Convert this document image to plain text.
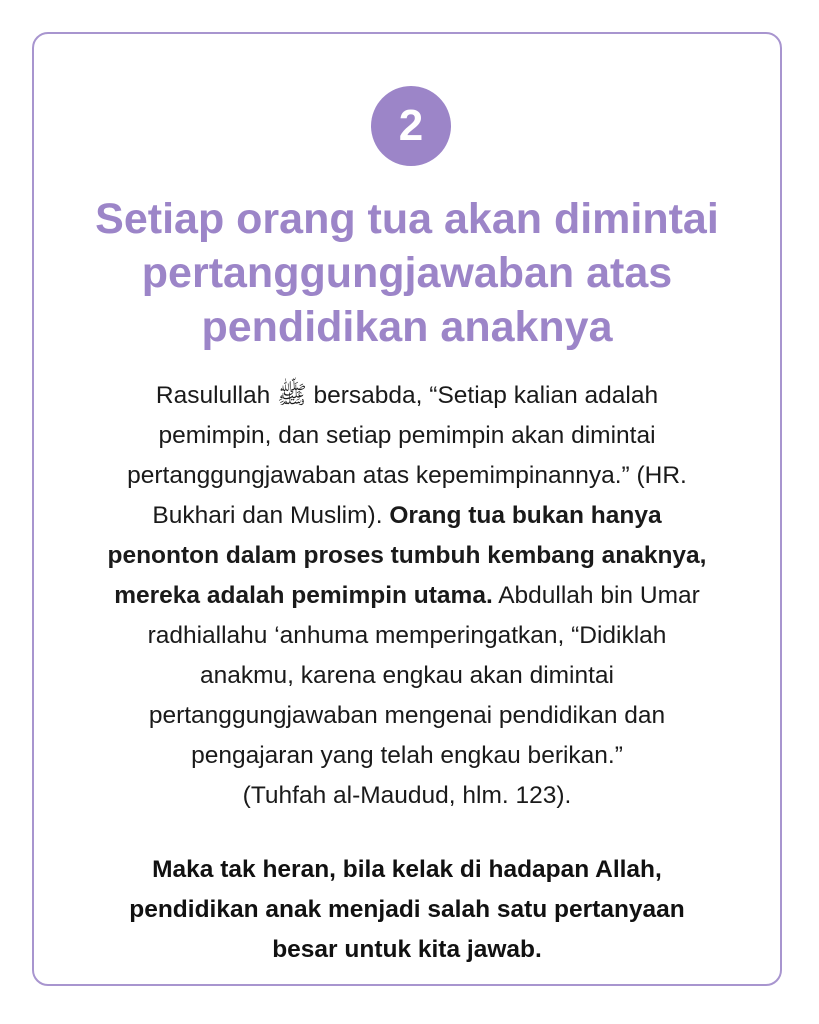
2
Setiap orang tua akan dimintai
pertanggungjawaban atas
pendidikan anaknya

Rasulullah ﷺ bersabda, “Setiap kalian adalah
pemimpin, dan setiap pemimpin akan dimintai
pertanggungjawaban atas kepemimpinannya.” (HR.
Bukhari dan Muslim). Orang tua bukan hanya
penonton dalam proses tumbuh kembang anaknya,
mereka adalah pemimpin utama. Abdullah bin Umar
radhiallahu ‘anhuma memperingatkan, “Didiklah
anakmu, karena engkau akan dimintai
pertanggungjawaban mengenai pendidikan dan
pengajaran yang telah engkau berikan.”
(Tuhfah al-Maudud, hlm. 123).

Maka tak heran, bila kelak di hadapan Allah,
pendidikan anak menjadi salah satu pertanyaan
besar untuk kita jawab.
